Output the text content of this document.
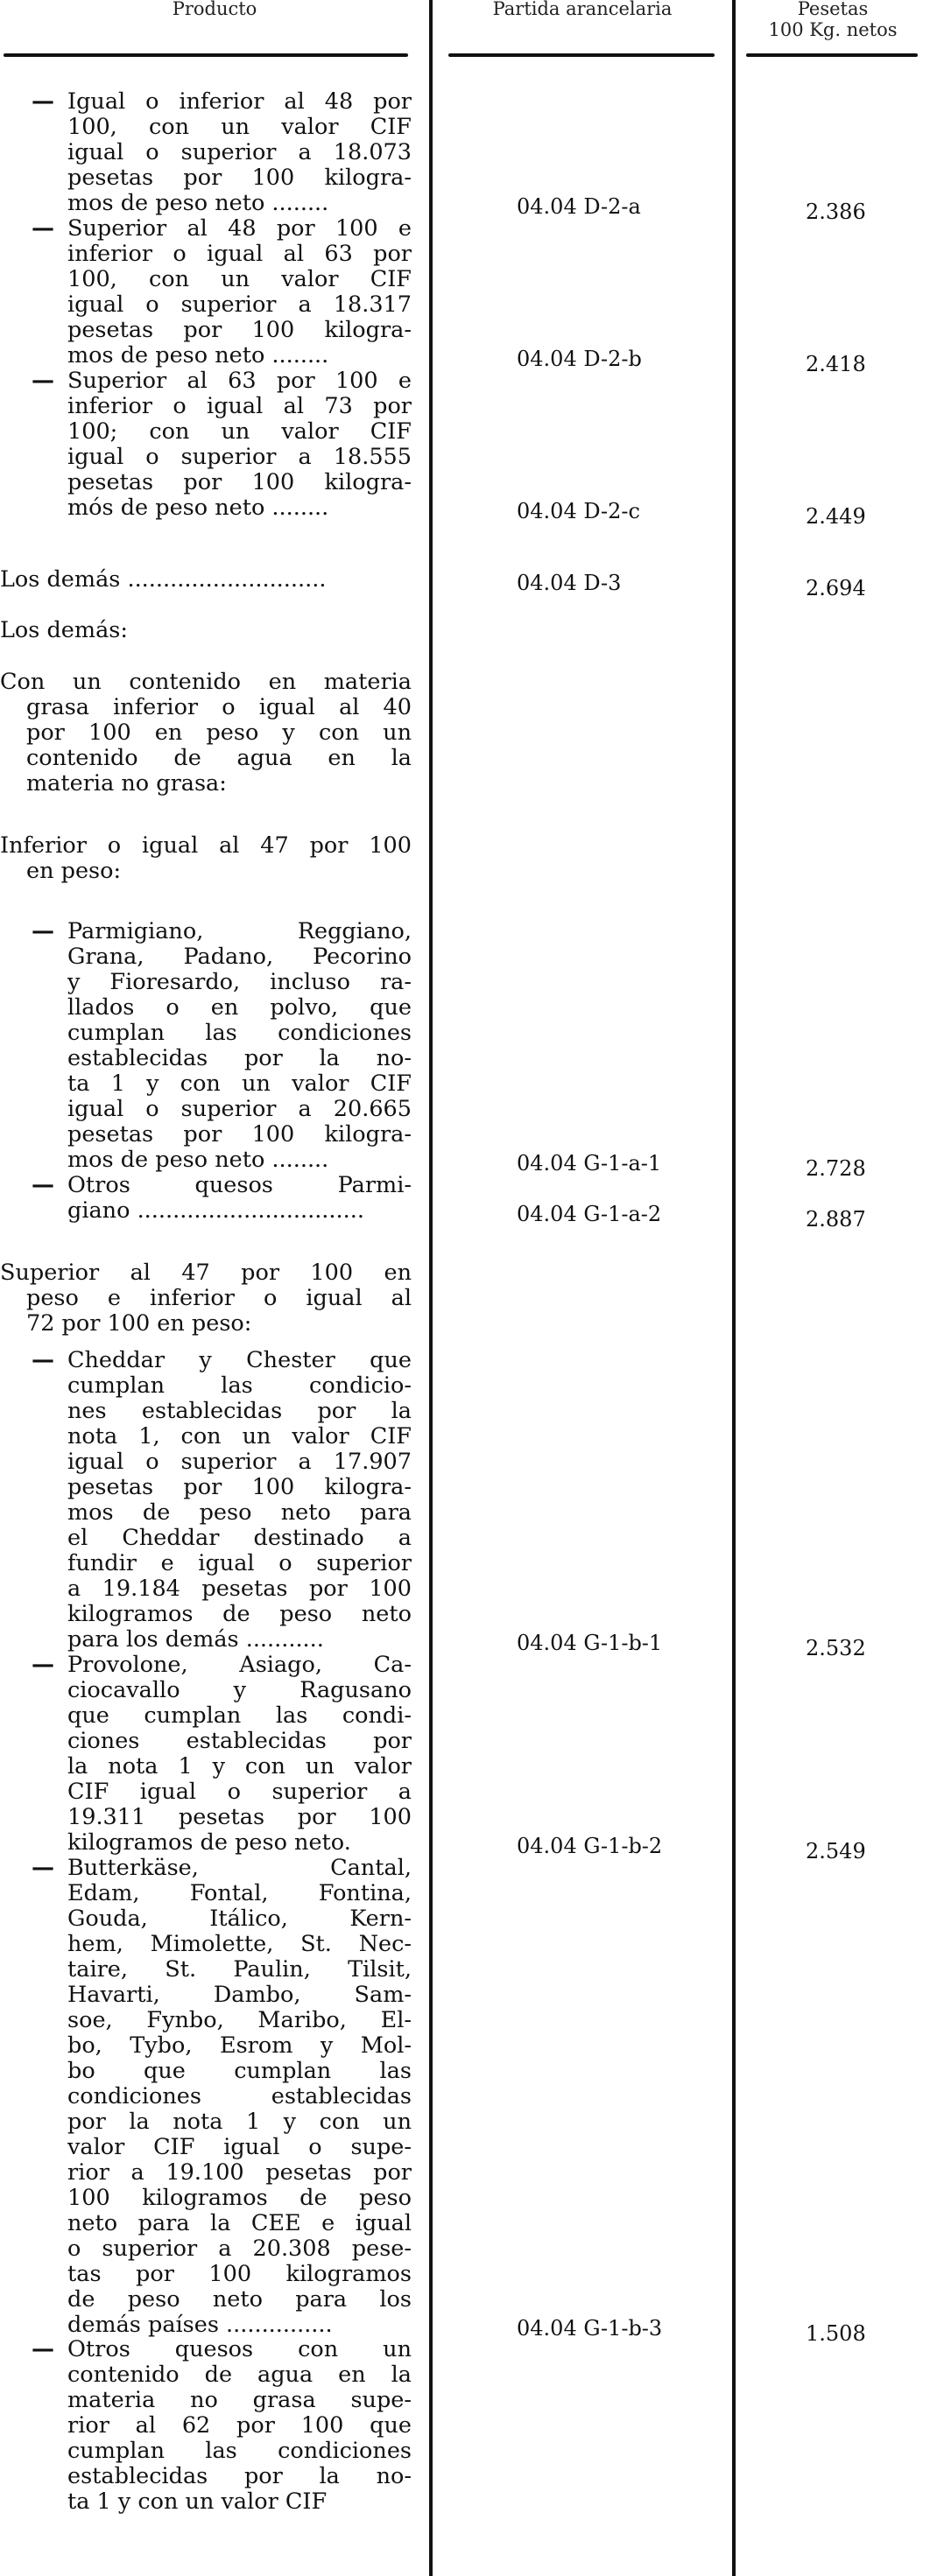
Producto	Partida arancelaria	Pesetas
100 Kg. netos
Igual o inferior al 48 por
100, con un valor CIF
igual o superior a 18.073
pesetas por 100 kilogra-
mos de peso neto ........
—
Superior al 48 por 100 e
inferior o igual al 63 por
100, con un valor CIF
igual o superior a 18.317
pesetas por 100 kilogra-
mos de peso neto ........
—
Superior al 63 por 100 e
inferior o igual al 73 por
100; con un valor CIF
igual o superior a 18.555
pesetas por 100 kilogra-
mós de peso neto ........
—
Los demás ............................
Los demás:
Con un contenido en materia
grasa inferior o igual al 40
por 100 en peso y con un
contenido de agua en la
materia no grasa:
Inferior o igual al 47 por 100
en peso:
Parmigiano, Reggiano,
Grana, Padano, Pecorino
y Fioresardo, incluso ra-
llados o en polvo, que
cumplan las condiciones
establecidas por la no-
ta 1 y con un valor CIF
igual o superior a 20.665
pesetas por 100 kilogra-
mos de peso neto ........
—
Otros quesos Parmi-
giano ................................
—
Superior al 47 por 100 en
peso e inferior o igual al
72 por 100 en peso:
Cheddar y Chester que
cumplan las condicio-
nes establecidas por la
nota 1, con un valor CIF
igual o superior a 17.907
pesetas por 100 kilogra-
mos de peso neto para
el Cheddar destinado a
fundir e igual o superior
a 19.184 pesetas por 100
kilogramos de peso neto
para los demás ...........
—
Provolone, Asiago, Ca-
ciocavallo y Ragusano
que cumplan las condi-
ciones establecidas por
la nota 1 y con un valor
CIF igual o superior a
19.311 pesetas por 100
kilogramos de peso neto.
—
Butterkäse, Cantal,
Edam, Fontal, Fontina,
Gouda, Itálico, Kern-
hem, Mimolette, St. Nec-
taire, St. Paulin, Tilsit,
Havarti, Dambo, Sam-
soe, Fynbo, Maribo, El-
bo, Tybo, Esrom y Mol-
bo que cumplan las
condiciones establecidas
por la nota 1 y con un
valor CIF igual o supe-
rior a 19.100 pesetas por
100 kilogramos de peso
neto para la CEE e igual
o superior a 20.308 pese-
tas por 100 kilogramos
de peso neto para los
demás países ...............
—
Otros quesos con un
contenido de agua en la
materia no grasa supe-
rior al 62 por 100 que
cumplan las condiciones
establecidas por la no-
ta 1 y con un valor CIF
—
04.04 D-2-a
04.04 D-2-b
04.04 D-2-c
04.04 D-3
04.04 G-1-a-1
04.04 G-1-a-2
04.04 G-1-b-1
04.04 G-1-b-2
04.04 G-1-b-3
2.386
2.418
2.449
2.694
2.728
2.887
2.532
2.549
1.508
